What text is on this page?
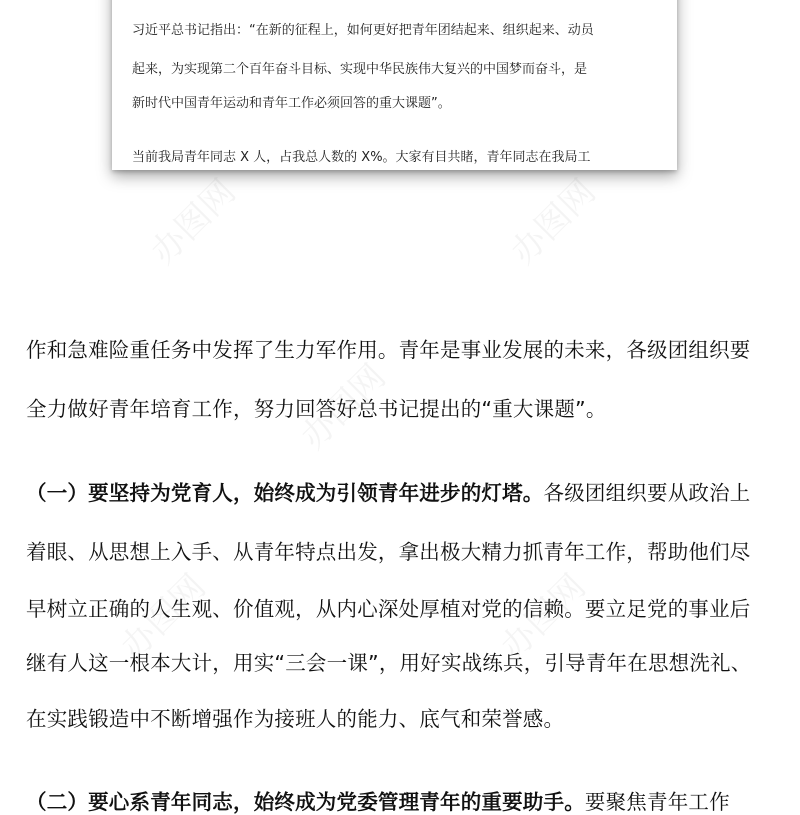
办图网	办图网
办图网
办图网	办图网
习近平总书记指出：“在新的征程上，如何更好把青年团结起来、组织起来、动员
起来，为实现第二个百年奋斗目标、实现中华民族伟大复兴的中国梦而奋斗，是
新时代中国青年运动和青年工作必须回答的重大课题”。
当前我局青年同志 X 人，占我总人数的 X%。大家有目共睹，青年同志在我局工
作和急难险重任务中发挥了生力军作用。青年是事业发展的未来，各级团组织要
全力做好青年培育工作，努力回答好总书记提出的“重大课题”。
（一）要坚持为党育人，始终成为引领青年进步的灯塔。各级团组织要从政治上
着眼、从思想上入手、从青年特点出发，拿出极大精力抓青年工作，帮助他们尽
早树立正确的人生观、价值观，从内心深处厚植对党的信赖。要立足党的事业后
继有人这一根本大计，用实“三会一课”，用好实战练兵，引导青年在思想洗礼、
在实践锻造中不断增强作为接班人的能力、底气和荣誉感。
（二）要心系青年同志，始终成为党委管理青年的重要助手。要聚焦青年工作
